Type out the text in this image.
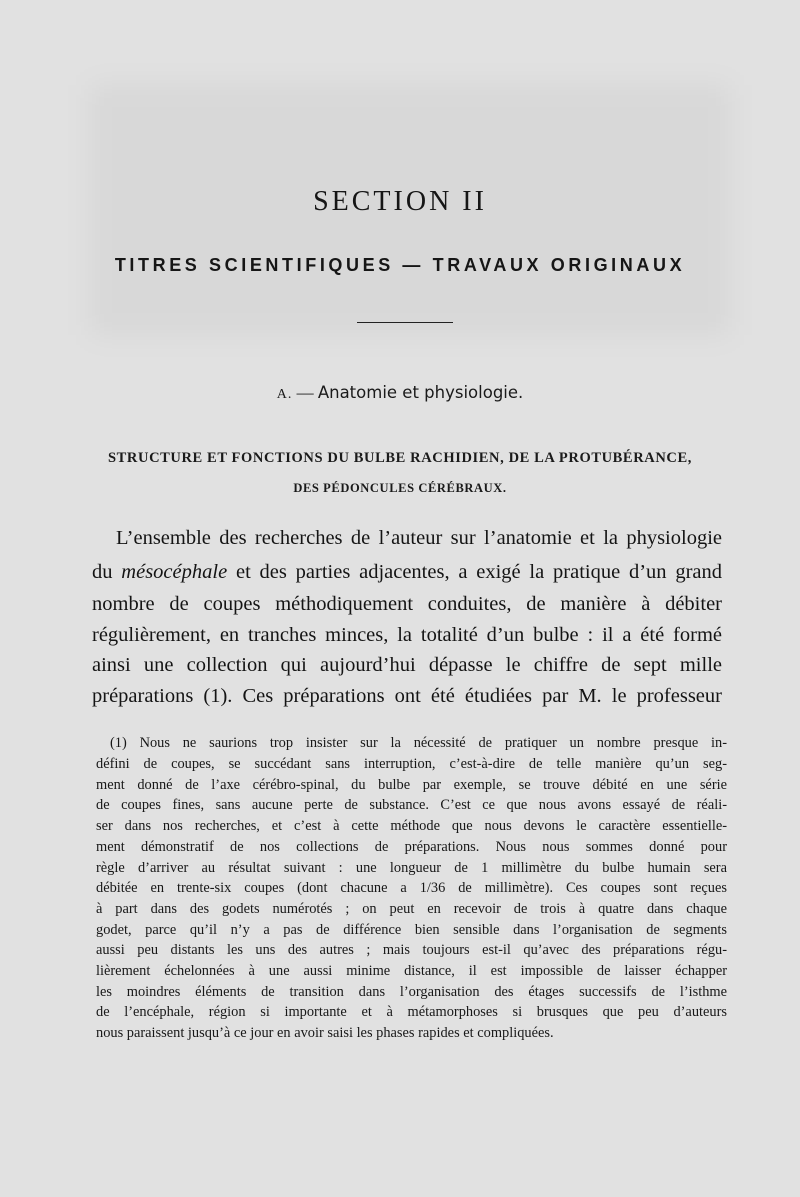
SECTION II
TITRES SCIENTIFIQUES — TRAVAUX ORIGINAUX
A. — Anatomie et physiologie.
STRUCTURE ET FONCTIONS DU BULBE RACHIDIEN, DE LA PROTUBÉRANCE,
DES PÉDONCULES CÉRÉBRAUX.
L’ensemble des recherches de l’auteur sur l’anatomie et la physiologie
du mésocéphale et des parties adjacentes, a exigé la pratique d’un grand
nombre de coupes méthodiquement conduites, de manière à débiter
régulièrement, en tranches minces, la totalité d’un bulbe : il a été formé
ainsi une collection qui aujourd’hui dépasse le chiffre de sept mille
préparations (1). Ces préparations ont été étudiées par M. le professeur
(1) Nous ne saurions trop insister sur la nécessité de pratiquer un nombre presque in-
défini de coupes, se succédant sans interruption, c’est-à-dire de telle manière qu’un seg-
ment donné de l’axe cérébro-spinal, du bulbe par exemple, se trouve débité en une série
de coupes fines, sans aucune perte de substance. C’est ce que nous avons essayé de réali-
ser dans nos recherches, et c’est à cette méthode que nous devons le caractère essentielle-
ment démonstratif de nos collections de préparations. Nous nous sommes donné pour
règle d’arriver au résultat suivant : une longueur de 1 millimètre du bulbe humain sera
débitée en trente-six coupes (dont chacune a 1/36 de millimètre). Ces coupes sont reçues
à part dans des godets numérotés ; on peut en recevoir de trois à quatre dans chaque
godet, parce qu’il n’y a pas de différence bien sensible dans l’organisation de segments
aussi peu distants les uns des autres ; mais toujours est-il qu’avec des préparations régu-
lièrement échelonnées à une aussi minime distance, il est impossible de laisser échapper
les moindres éléments de transition dans l’organisation des étages successifs de l’isthme
de l’encéphale, région si importante et à métamorphoses si brusques que peu d’auteurs
nous paraissent jusqu’à ce jour en avoir saisi les phases rapides et compliquées.
